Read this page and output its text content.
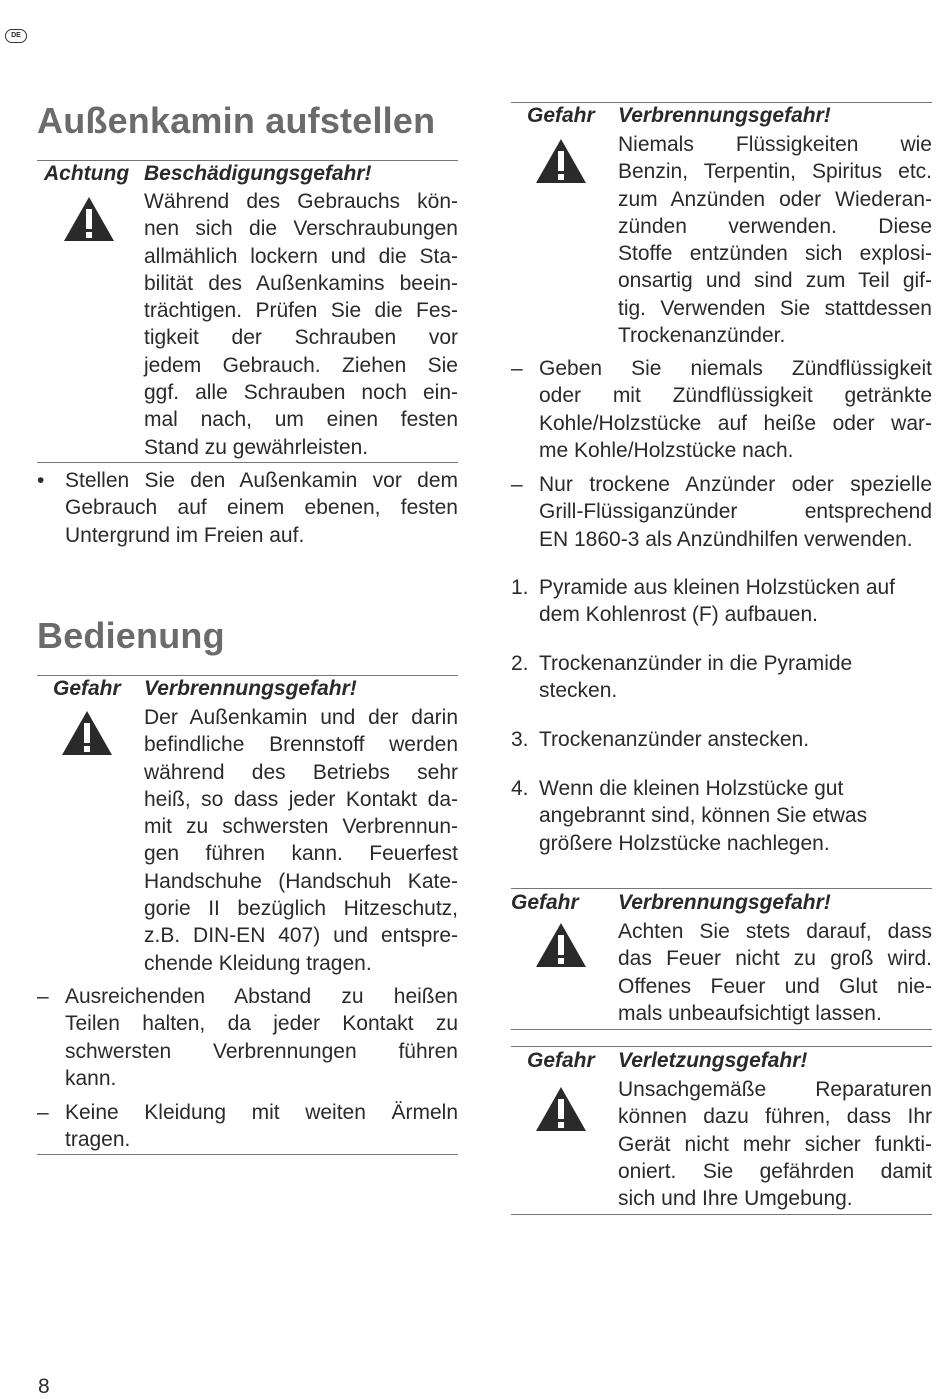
DE
8
Außenkamin aufstellen
Achtung Beschädigungsgefahr!
Während des Gebrauchs kön-
nen sich die Verschraubungen
allmählich lockern und die Sta-
bilität des Außenkamins beein-
trächtigen. Prüfen Sie die Fes-
tigkeit der Schrauben vor
jedem Gebrauch. Ziehen Sie
ggf. alle Schrauben noch ein-
mal nach, um einen festen
Stand zu gewährleisten.
• Stellen Sie den Außenkamin vor dem
Gebrauch auf einem ebenen, festen
Untergrund im Freien auf.
Bedienung
Gefahr Verbrennungsgefahr!
Der Außenkamin und der darin
befindliche Brennstoff werden
während des Betriebs sehr
heiß, so dass jeder Kontakt da-
mit zu schwersten Verbrennun-
gen führen kann. Feuerfest
Handschuhe (Handschuh Kate-
gorie II bezüglich Hitzeschutz,
z.B. DIN-EN 407) und entspre-
chende Kleidung tragen.
– Ausreichenden Abstand zu heißen
Teilen halten, da jeder Kontakt zu
schwersten Verbrennungen führen
kann.
– Keine Kleidung mit weiten Ärmeln
tragen.
Gefahr Verbrennungsgefahr!
Niemals Flüssigkeiten wie
Benzin, Terpentin, Spiritus etc.
zum Anzünden oder Wiederan-
zünden verwenden. Diese
Stoffe entzünden sich explosi-
onsartig und sind zum Teil gif-
tig. Verwenden Sie stattdessen
Trockenanzünder.
– Geben Sie niemals Zündflüssigkeit
oder mit Zündflüssigkeit getränkte
Kohle/Holzstücke auf heiße oder war-
me Kohle/Holzstücke nach.
– Nur trockene Anzünder oder spezielle
Grill-Flüssiganzünder entsprechend
EN 1860-3 als Anzündhilfen verwenden.
1. Pyramide aus kleinen Holzstücken auf
dem Kohlenrost (F) aufbauen.
2. Trockenanzünder in die Pyramide
stecken.
3. Trockenanzünder anstecken.
4. Wenn die kleinen Holzstücke gut
angebrannt sind, können Sie etwas
größere Holzstücke nachlegen.
Gefahr Verbrennungsgefahr!
Achten Sie stets darauf, dass
das Feuer nicht zu groß wird.
Offenes Feuer und Glut nie-
mals unbeaufsichtigt lassen.
Gefahr Verletzungsgefahr!
Unsachgemäße Reparaturen
können dazu führen, dass Ihr
Gerät nicht mehr sicher funkti-
oniert. Sie gefährden damit
sich und Ihre Umgebung.
